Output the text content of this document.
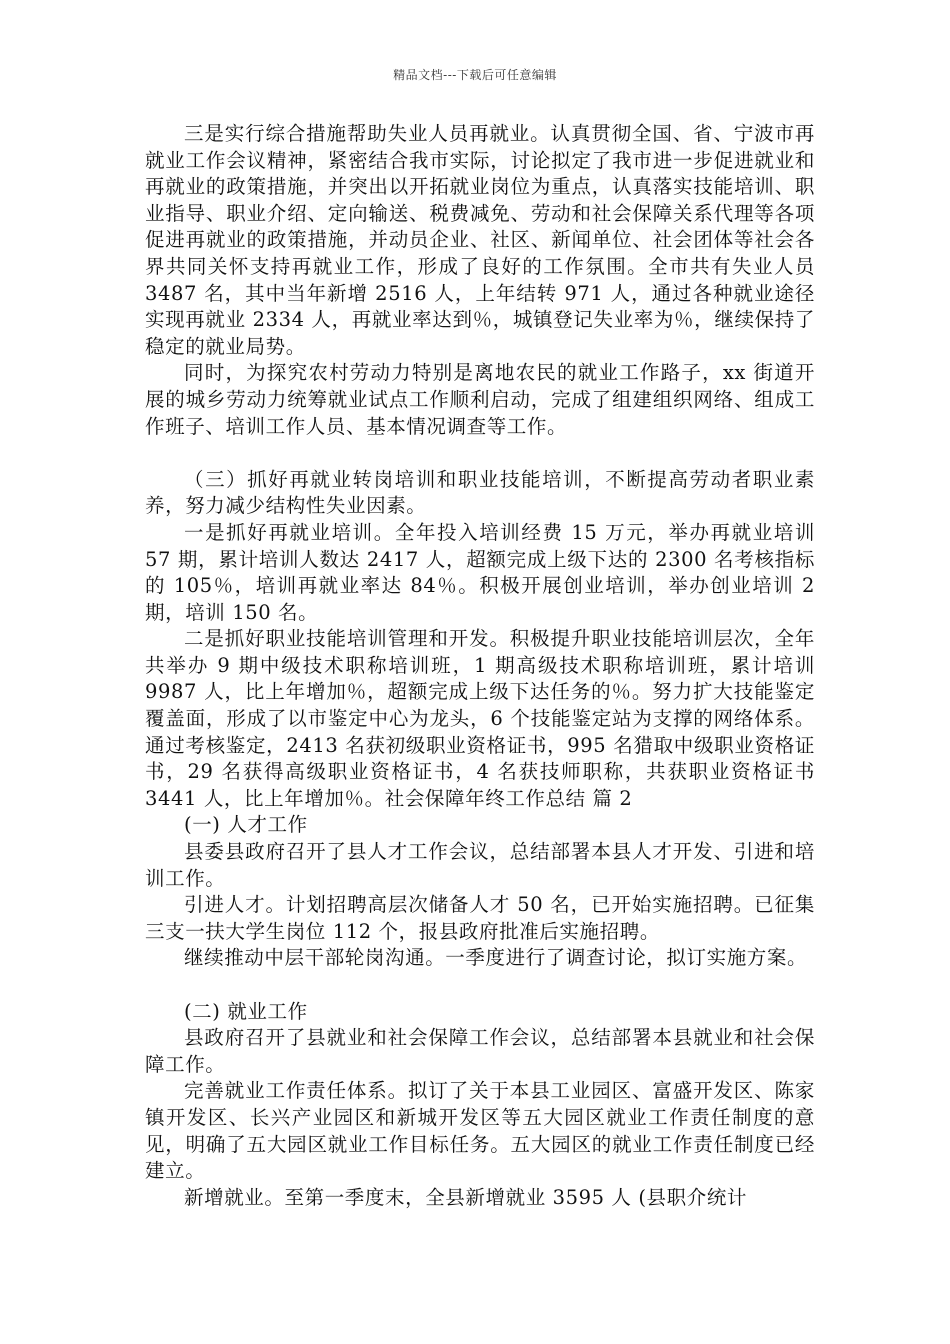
精品文档---下载后可任意编辑

三是实行综合措施帮助失业人员再就业。认真贯彻全国、省、宁波市再就业工作会议精神，紧密结合我市实际，讨论拟定了我市进一步促进就业和再就业的政策措施，并突出以开拓就业岗位为重点，认真落实技能培训、职业指导、职业介绍、定向输送、税费减免、劳动和社会保障关系代理等各项促进再就业的政策措施，并动员企业、社区、新闻单位、社会团体等社会各界共同关怀支持再就业工作，形成了良好的工作氛围。全市共有失业人员 3487 名，其中当年新增 2516 人，上年结转 971 人，通过各种就业途径实现再就业 2334 人，再就业率达到％，城镇登记失业率为％，继续保持了稳定的就业局势。

同时，为探究农村劳动力特别是离地农民的就业工作路子，xx 街道开展的城乡劳动力统筹就业试点工作顺利启动，完成了组建组织网络、组成工作班子、培训工作人员、基本情况调查等工作。

（三）抓好再就业转岗培训和职业技能培训，不断提高劳动者职业素养，努力减少结构性失业因素。

一是抓好再就业培训。全年投入培训经费 15 万元，举办再就业培训 57 期，累计培训人数达 2417 人，超额完成上级下达的 2300 名考核指标的 105％，培训再就业率达 84％。积极开展创业培训，举办创业培训 2 期，培训 150 名。

二是抓好职业技能培训管理和开发。积极提升职业技能培训层次，全年共举办 9 期中级技术职称培训班，1 期高级技术职称培训班，累计培训 9987 人，比上年增加％，超额完成上级下达任务的％。努力扩大技能鉴定覆盖面，形成了以市鉴定中心为龙头，6 个技能鉴定站为支撑的网络体系。通过考核鉴定，2413 名获初级职业资格证书，995 名猎取中级职业资格证书，29 名获得高级职业资格证书，4 名获技师职称，共获职业资格证书 3441 人，比上年增加％。社会保障年终工作总结 篇 2

(一) 人才工作

县委县政府召开了县人才工作会议，总结部署本县人才开发、引进和培训工作。

引进人才。计划招聘高层次储备人才 50 名，已开始实施招聘。已征集三支一扶大学生岗位 112 个，报县政府批准后实施招聘。

继续推动中层干部轮岗沟通。一季度进行了调查讨论，拟订实施方案。

(二) 就业工作

县政府召开了县就业和社会保障工作会议，总结部署本县就业和社会保障工作。

完善就业工作责任体系。拟订了关于本县工业园区、富盛开发区、陈家镇开发区、长兴产业园区和新城开发区等五大园区就业工作责任制度的意见，明确了五大园区就业工作目标任务。五大园区的就业工作责任制度已经建立。

新增就业。至第一季度末，全县新增就业 3595 人 (县职介统计
